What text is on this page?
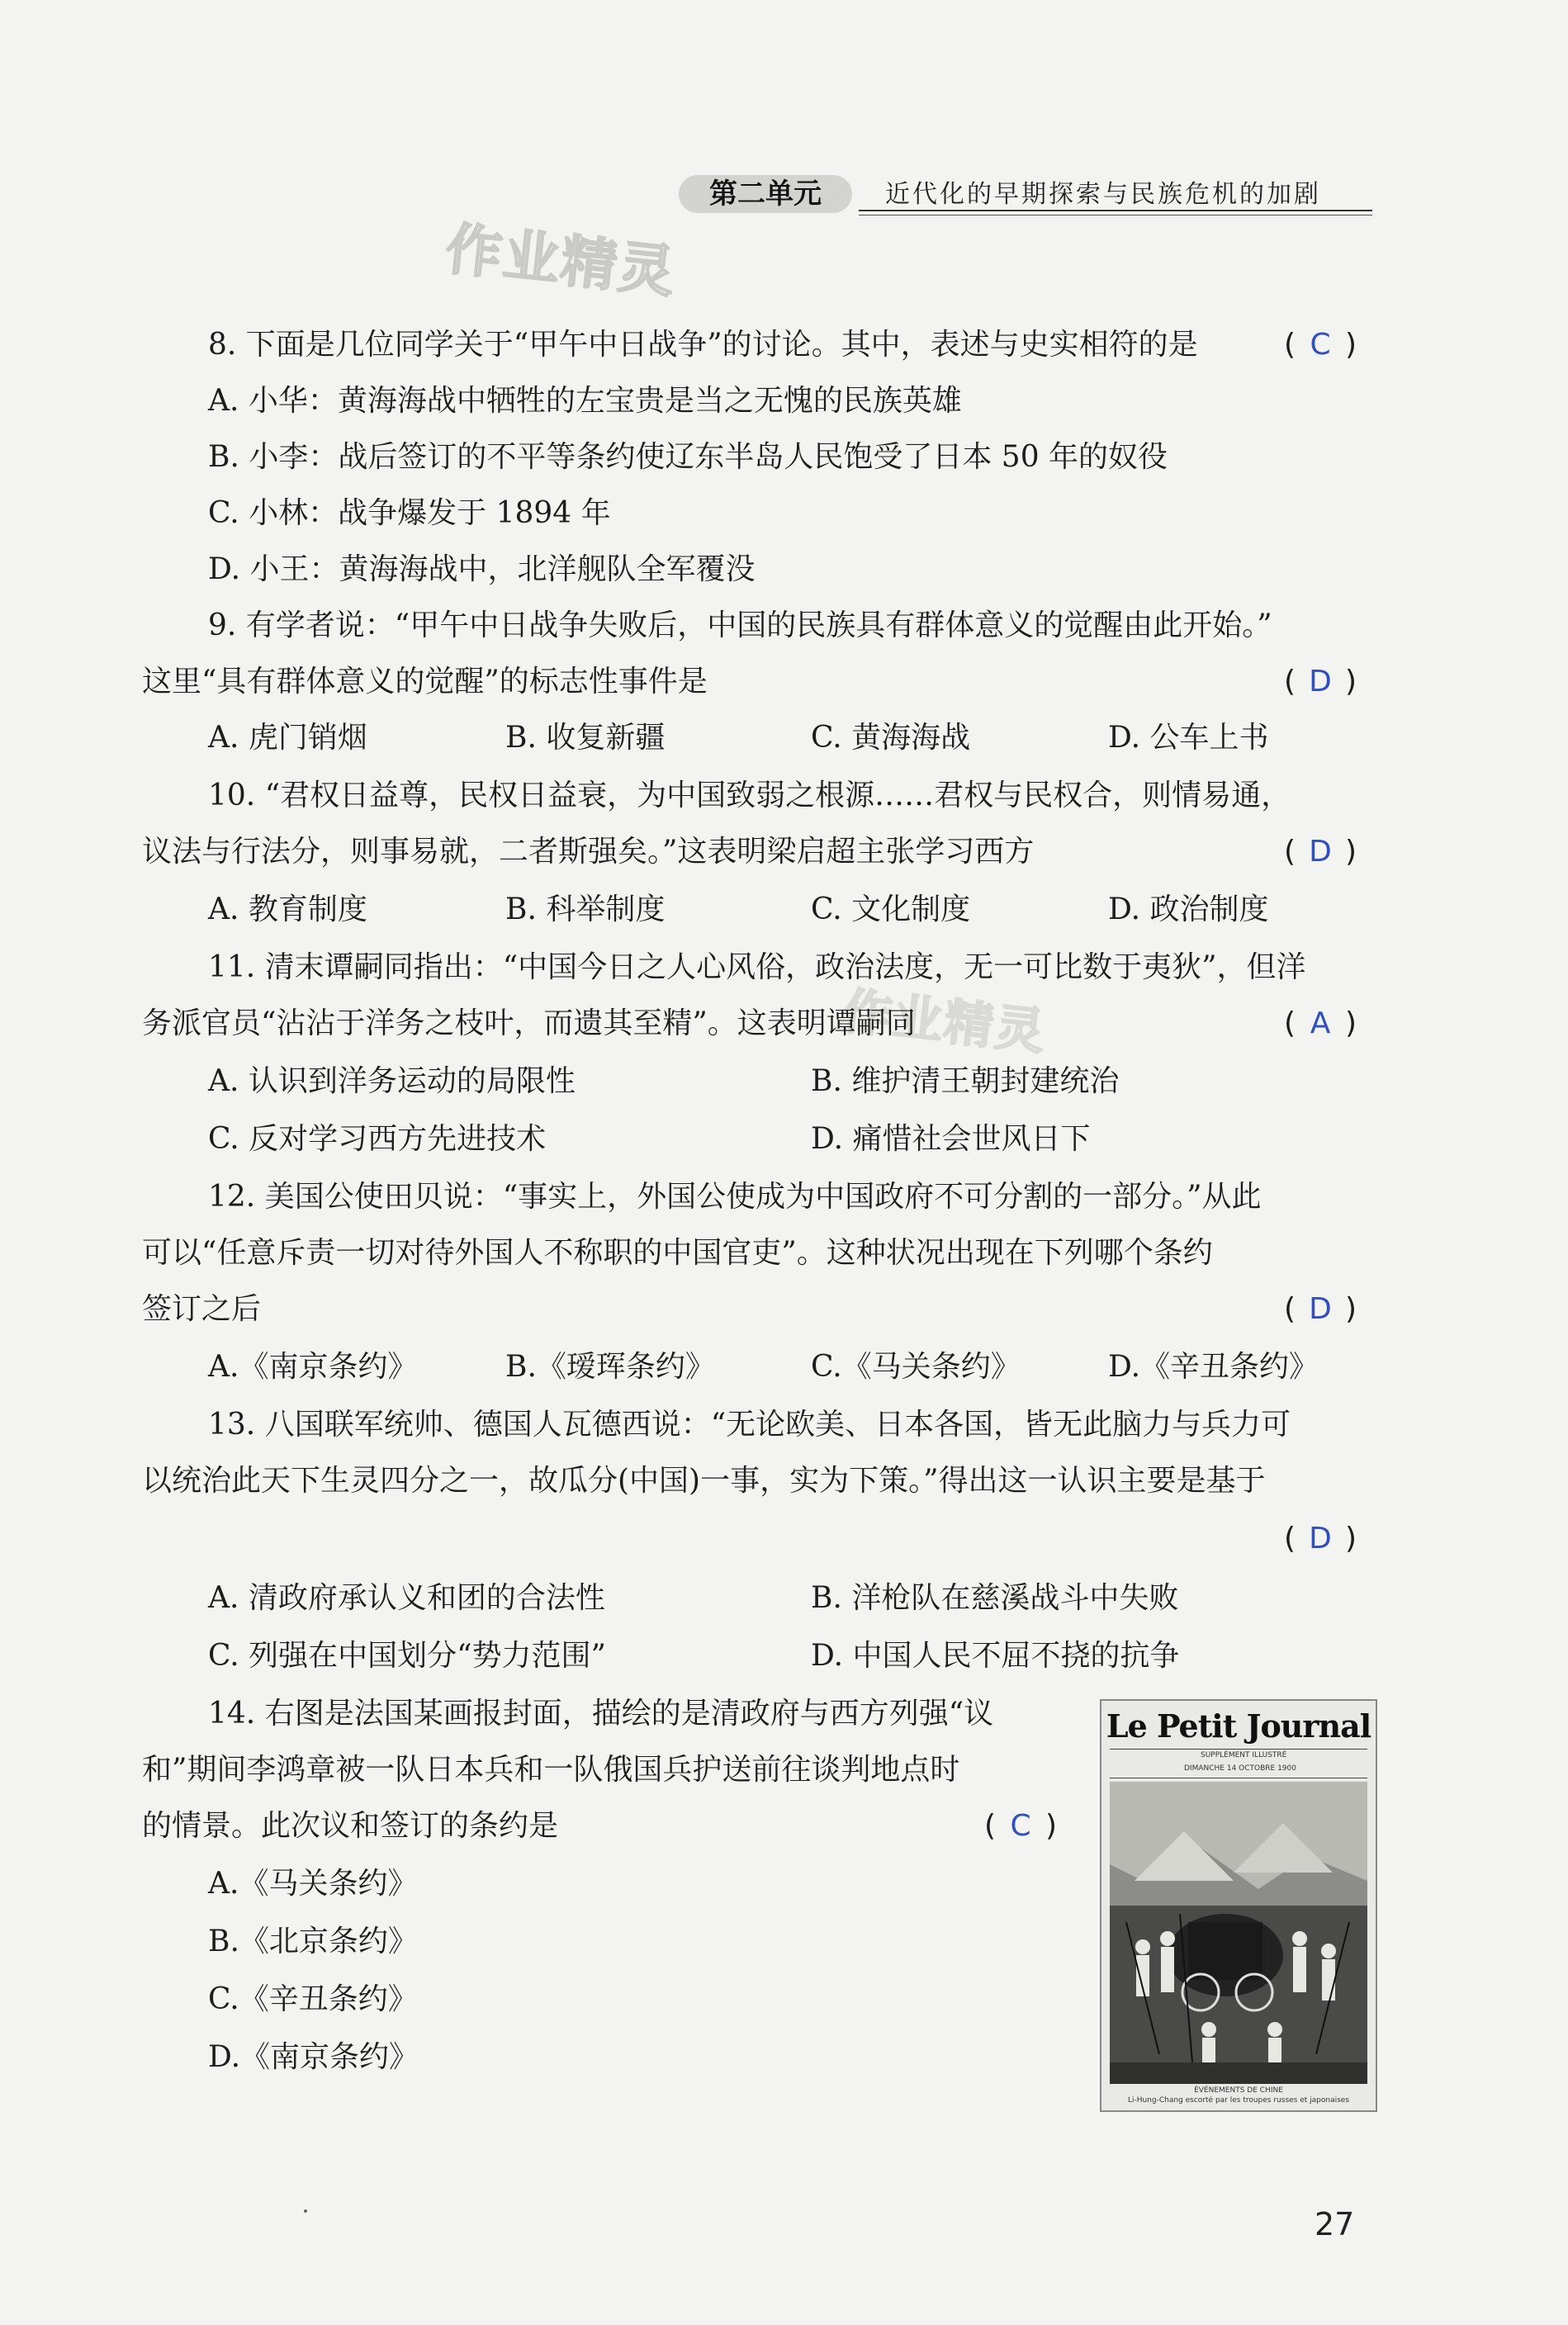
第二单元	近代化的早期探索与民族危机的加剧
作业精灵
作业精灵
8. 下面是几位同学关于“甲午中日战争”的讨论。其中，表述与史实相符的是	( C )
A. 小华：黄海海战中牺牲的左宝贵是当之无愧的民族英雄
B. 小李：战后签订的不平等条约使辽东半岛人民饱受了日本 50 年的奴役
C. 小林：战争爆发于 1894 年
D. 小王：黄海海战中，北洋舰队全军覆没
9. 有学者说：“甲午中日战争失败后，中国的民族具有群体意义的觉醒由此开始。”
这里“具有群体意义的觉醒”的标志性事件是	( D )
A. 虎门销烟	B. 收复新疆	C. 黄海海战	D. 公车上书
10. “君权日益尊，民权日益衰，为中国致弱之根源……君权与民权合，则情易通，
议法与行法分，则事易就，二者斯强矣。”这表明梁启超主张学习西方	( D )
A. 教育制度	B. 科举制度	C. 文化制度	D. 政治制度
11. 清末谭嗣同指出：“中国今日之人心风俗，政治法度，无一可比数于夷狄”，但洋
务派官员“沾沾于洋务之枝叶，而遗其至精”。这表明谭嗣同	( A )
A. 认识到洋务运动的局限性	B. 维护清王朝封建统治
C. 反对学习西方先进技术	D. 痛惜社会世风日下
12. 美国公使田贝说：“事实上，外国公使成为中国政府不可分割的一部分。”从此
可以“任意斥责一切对待外国人不称职的中国官吏”。这种状况出现在下列哪个条约
签订之后	( D )
A.《南京条约》	B.《瑷珲条约》	C.《马关条约》	D.《辛丑条约》
13. 八国联军统帅、德国人瓦德西说：“无论欧美、日本各国，皆无此脑力与兵力可
以统治此天下生灵四分之一，故瓜分(中国)一事，实为下策。”得出这一认识主要是基于
( D )
A. 清政府承认义和团的合法性	B. 洋枪队在慈溪战斗中失败
C. 列强在中国划分“势力范围”	D. 中国人民不屈不挠的抗争
14. 右图是法国某画报封面，描绘的是清政府与西方列强“议
和”期间李鸿章被一队日本兵和一队俄国兵护送前往谈判地点时
的情景。此次议和签订的条约是	( C )
A.《马关条约》
B.《北京条约》
C.《辛丑条约》
D.《南京条约》
Le Petit Journal
SUPPLÉMENT ILLUSTRÉ
DIMANCHE 14 OCTOBRE 1900
ÉVÉNEMENTS DE CHINE
Li-Hung-Chang escorté par les troupes russes et japonaises
27
